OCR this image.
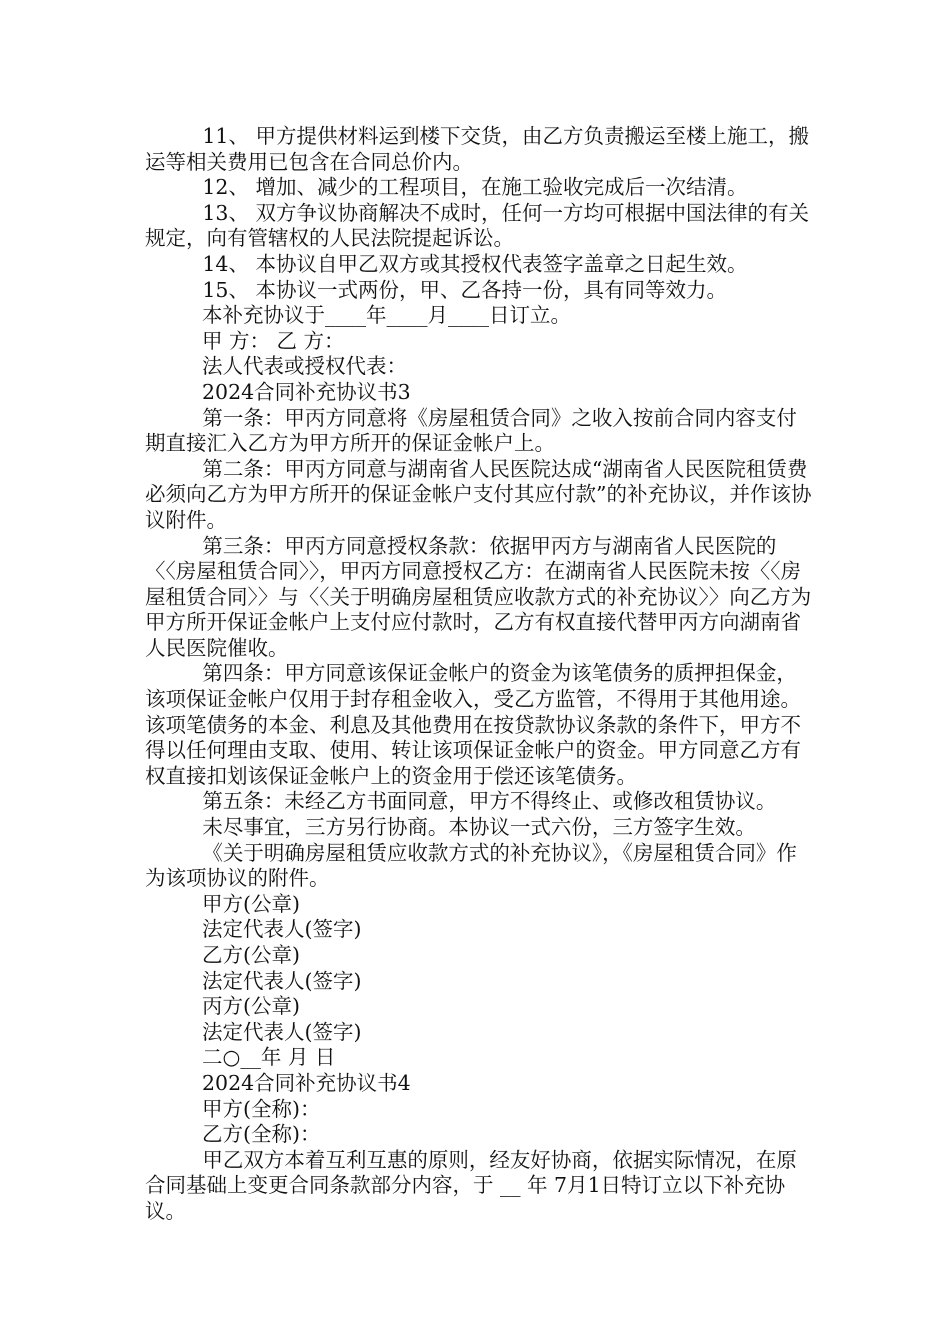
11、 甲方提供材料运到楼下交货，由乙方负责搬运至楼上施工，搬运等相关费用已包含在合同总价内。

12、 增加、减少的工程项目，在施工验收完成后一次结清。

13、 双方争议协商解决不成时，任何一方均可根据中国法律的有关规定，向有管辖权的人民法院提起诉讼。

14、 本协议自甲乙双方或其授权代表签字盖章之日起生效。

15、 本协议一式两份，甲、乙各持一份，具有同等效力。

本补充协议于____年____月____日订立。

甲 方： 乙 方：

法人代表或授权代表：

2024合同补充协议书3

第一条：甲丙方同意将《房屋租赁合同》之收入按前合同内容支付期直接汇入乙方为甲方所开的保证金帐户上。

第二条：甲丙方同意与湖南省人民医院达成“湖南省人民医院租赁费必须向乙方为甲方所开的保证金帐户支付其应付款”的补充协议，并作该协议附件。

第三条：甲丙方同意授权条款：依据甲丙方与湖南省人民医院的〈〈房屋租赁合同〉〉，甲丙方同意授权乙方：在湖南省人民医院未按〈〈房屋租赁合同〉〉与〈〈关于明确房屋租赁应收款方式的补充协议〉〉向乙方为甲方所开保证金帐户上支付应付款时，乙方有权直接代替甲丙方向湖南省人民医院催收。

第四条：甲方同意该保证金帐户的资金为该笔债务的质押担保金，该项保证金帐户仅用于封存租金收入，受乙方监管，不得用于其他用途。该项笔债务的本金、利息及其他费用在按贷款协议条款的条件下，甲方不得以任何理由支取、使用、转让该项保证金帐户的资金。甲方同意乙方有权直接扣划该保证金帐户上的资金用于偿还该笔债务。

第五条：未经乙方书面同意，甲方不得终止、或修改租赁协议。

未尽事宜，三方另行协商。本协议一式六份，三方签字生效。

《关于明确房屋租赁应收款方式的补充协议》，《房屋租赁合同》作为该项协议的附件。

甲方(公章)

法定代表人(签字)

乙方(公章)

法定代表人(签字)

丙方(公章)

法定代表人(签字)

二○__年 月 日

2024合同补充协议书4

甲方(全称)：

乙方(全称)：

甲乙双方本着互利互惠的原则，经友好协商，依据实际情况，在原合同基础上变更合同条款部分内容，于 __ 年 7月1日特订立以下补充协议。
